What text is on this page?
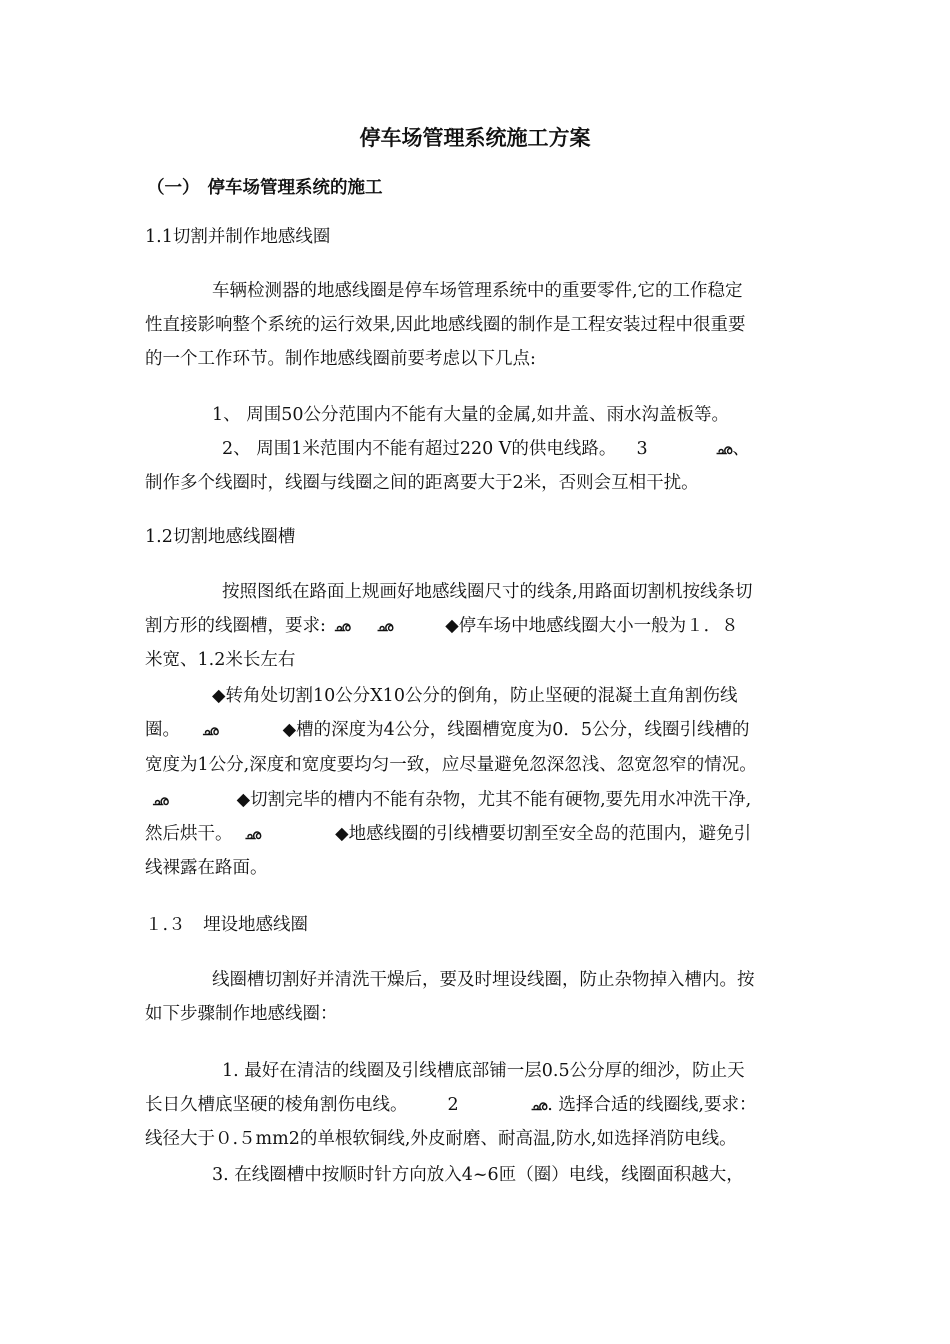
停车场管理系统施工方案
（一） 停车场管理系统的施工
1.1切割并制作地感线圈
车辆检测器的地感线圈是停车场管理系统中的重要零件,它的工作稳定
性直接影响整个系统的运行效果,因此地感线圈的制作是工程安装过程中很重要
的一个工作环节。制作地感线圈前要考虑以下几点:
1、 周围50公分范围内不能有大量的金属,如井盖、雨水沟盖板等。
2、 周围1米范围内不能有超过220 V的供电线路。 3	ഛ、
制作多个线圈时，线圈与线圈之间的距离要大于2米，否则会互相干扰。
1.2切割地感线圈槽
按照图纸在路面上规画好地感线圈尺寸的线条,用路面切割机按线条切
割方形的线圈槽，要求: ഛ ഛ	◆停车场中地感线圈大小一般为１．８
米宽、1.2米长左右
◆转角处切割10公分X10公分的倒角，防止坚硬的混凝土直角割伤线
圈。 ഛ	◆槽的深度为4公分，线圈槽宽度为0．5公分，线圈引线槽的
宽度为1公分,深度和宽度要均匀一致，应尽量避免忽深忽浅、忽宽忽窄的情况。
ഛ	◆切割完毕的槽内不能有杂物，尤其不能有硬物,要先用水冲洗干净,
然后烘干。 ഛ	◆地感线圈的引线槽要切割至安全岛的范围内，避免引
线裸露在路面。
１.３　埋设地感线圈
线圈槽切割好并清洗干燥后，要及时埋设线圈，防止杂物掉入槽内。按
如下步骤制作地感线圈：
1. 最好在清洁的线圈及引线槽底部铺一层0.5公分厚的细沙，防止天
长日久槽底坚硬的棱角割伤电线。 2	ഛ. 选择合适的线圈线,要求：
线径大于０.５mm2的单根软铜线,外皮耐磨、耐高温,防水,如选择消防电线。
3. 在线圈槽中按顺时针方向放入4~6匝（圈）电线，线圈面积越大，
